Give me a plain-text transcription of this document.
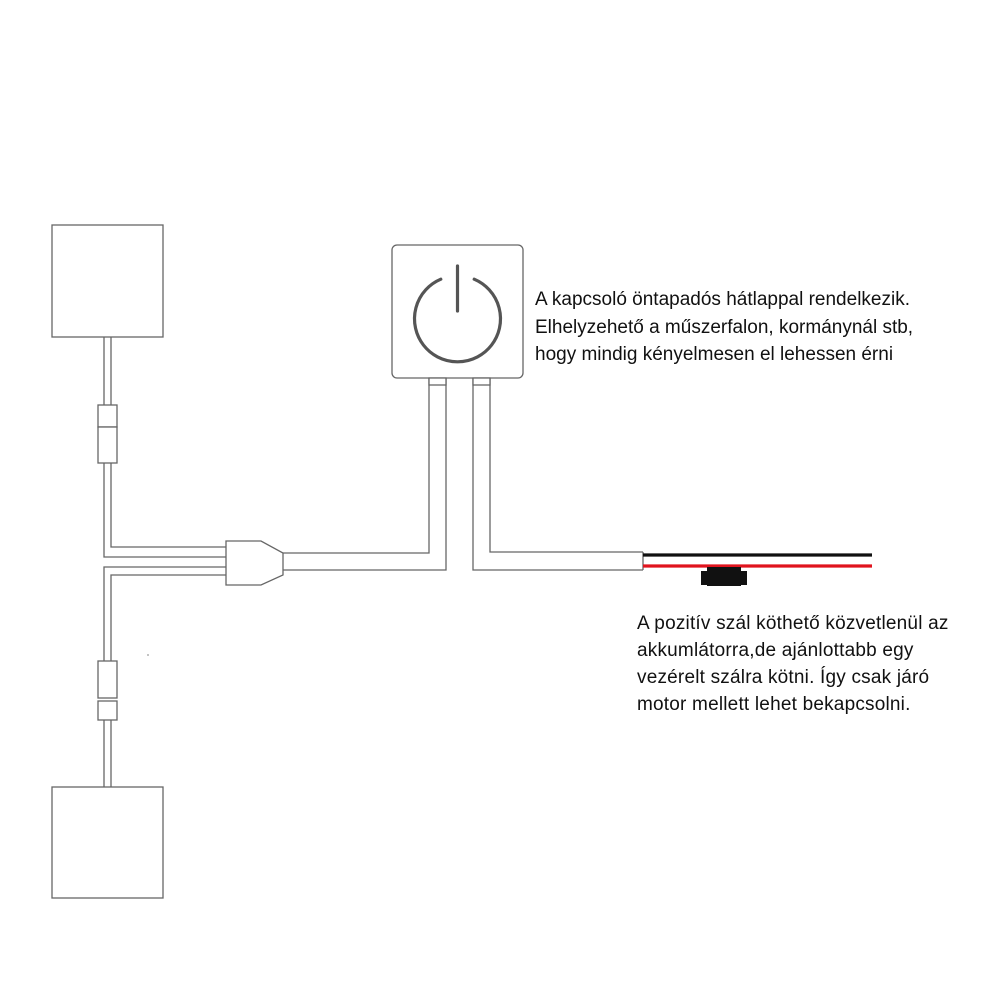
A kapcsoló öntapadós hátlappal rendelkezik.
Elhelyzehető a műszerfalon, kormánynál stb,
hogy mindig kényelmesen el lehessen érni

A pozitív szál köthető közvetlenül az
akkumlátorra,de ajánlottabb egy
vezérelt szálra kötni. Így csak járó
motor mellett lehet bekapcsolni.
